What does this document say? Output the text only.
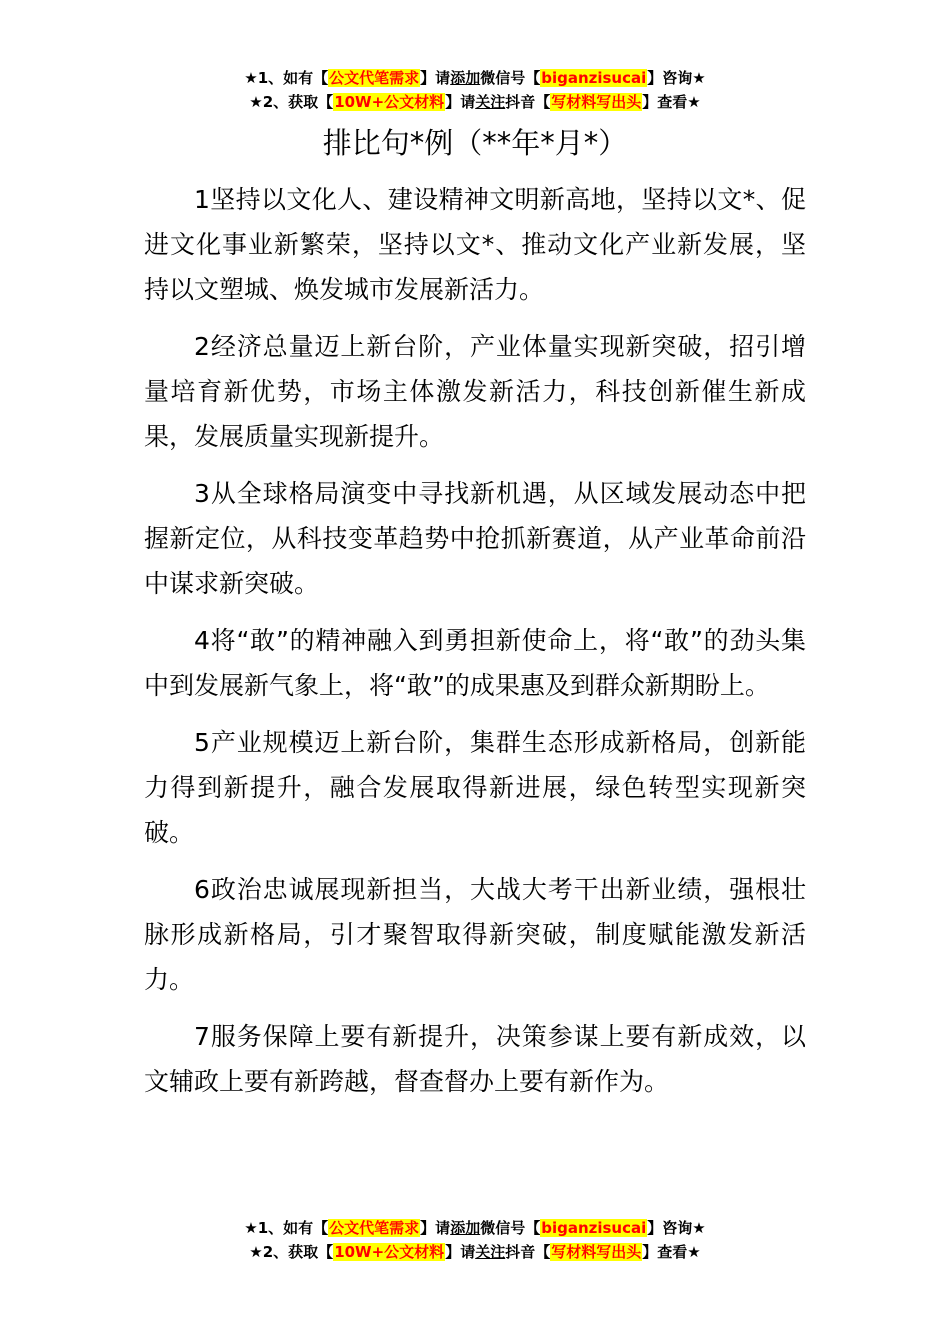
★1、如有【公文代笔需求】请添加微信号【biganzisucai】咨询★
★2、获取【10W+公文材料】请关注抖音【写材料写出头】查看★
排比句*例（**年*月*）

1坚持以文化人、建设精神文明新高地，坚持以文*、促进文化事业新繁荣，坚持以文*、推动文化产业新发展，坚持以文塑城、焕发城市发展新活力。

2经济总量迈上新台阶，产业体量实现新突破，招引增量培育新优势，市场主体激发新活力，科技创新催生新成果，发展质量实现新提升。

3从全球格局演变中寻找新机遇，从区域发展动态中把握新定位，从科技变革趋势中抢抓新赛道，从产业革命前沿中谋求新突破。

4将“敢”的精神融入到勇担新使命上，将“敢”的劲头集中到发展新气象上，将“敢”的成果惠及到群众新期盼上。

5产业规模迈上新台阶，集群生态形成新格局，创新能力得到新提升，融合发展取得新进展，绿色转型实现新突破。

6政治忠诚展现新担当，大战大考干出新业绩，强根壮脉形成新格局，引才聚智取得新突破，制度赋能激发新活力。

7服务保障上要有新提升，决策参谋上要有新成效，以文辅政上要有新跨越，督查督办上要有新作为。

★1、如有【公文代笔需求】请添加微信号【biganzisucai】咨询★
★2、获取【10W+公文材料】请关注抖音【写材料写出头】查看★
